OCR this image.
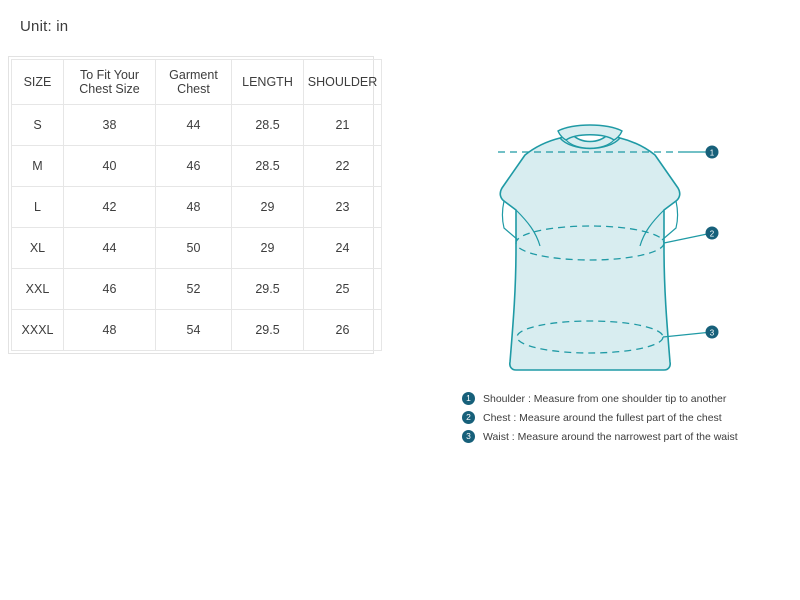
Unit: in
SIZE	To Fit Your Chest Size	Garment Chest	LENGTH	SHOULDER
S	38	44	28.5	21
M	40	46	28.5	22
L	42	48	29	23
XL	44	50	29	24
XXL	46	52	29.5	25
XXXL	48	54	29.5	26
1
2
3
1	Shoulder : Measure from one shoulder tip to another
2	Chest : Measure around the fullest part of the chest
3	Waist : Measure around the narrowest part of the waist
